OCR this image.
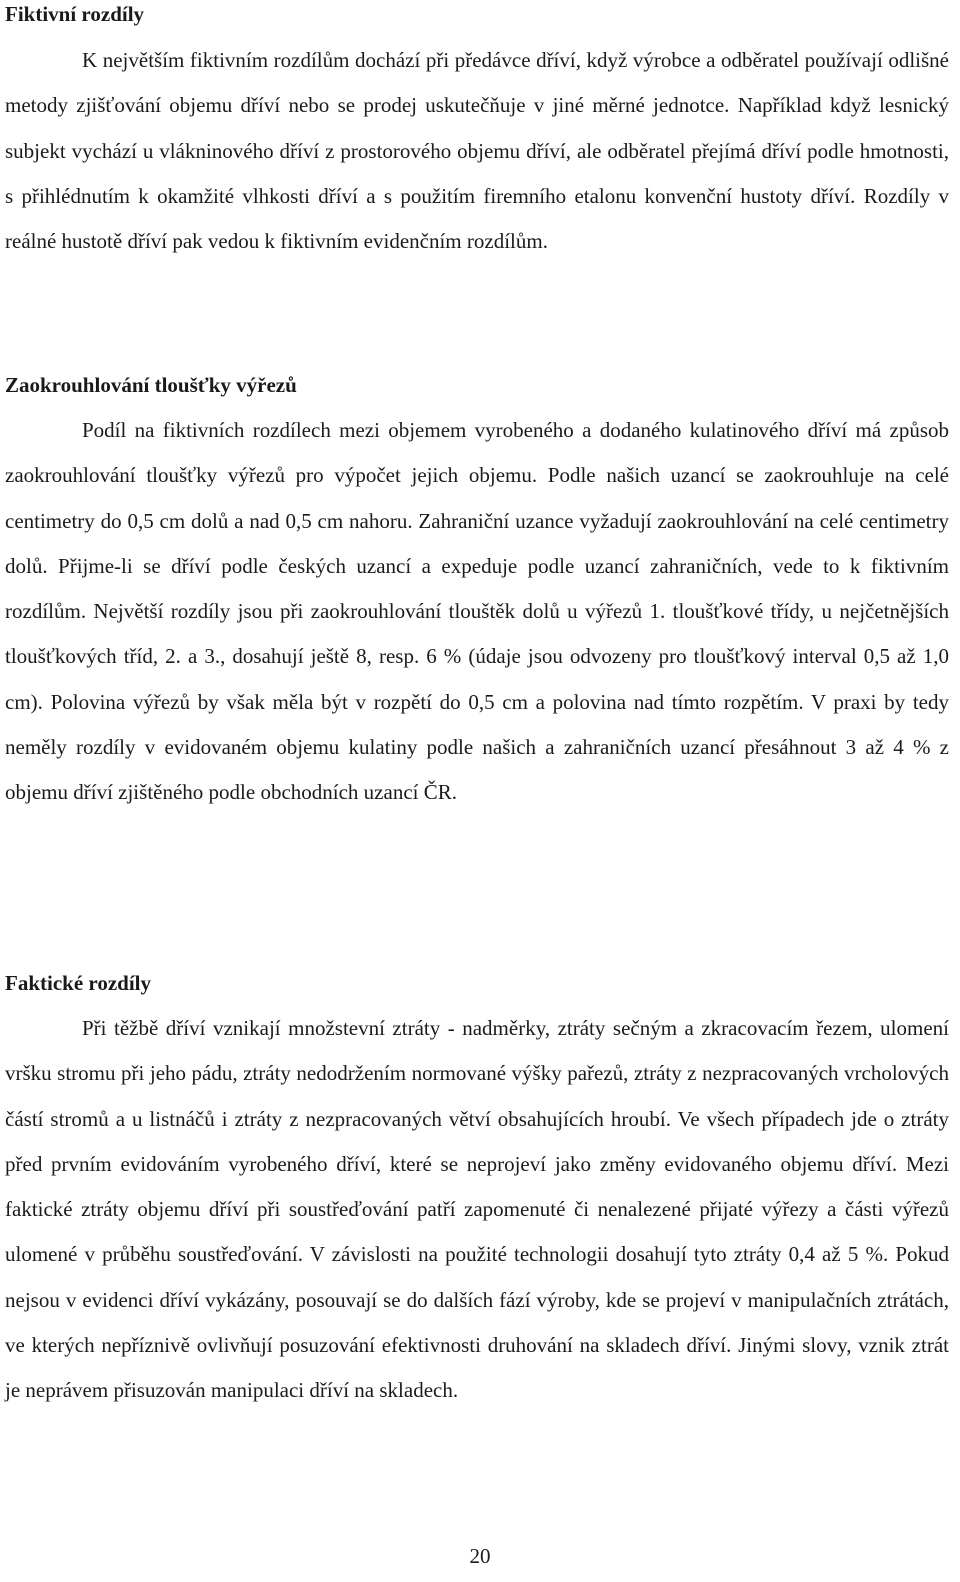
Fiktivní rozdíly

K největším fiktivním rozdílům dochází při předávce dříví, když výrobce a odběratel používají odlišné metody zjišťování objemu dříví nebo se prodej uskutečňuje v jiné měrné jednotce. Například když lesnický subjekt vychází u vlákninového dříví z prostorového objemu dříví, ale odběratel přejímá dříví podle hmotnosti, s přihlédnutím k okamžité vlhkosti dříví a s použitím firemního etalonu konvenční hustoty dříví. Rozdíly v reálné hustotě dříví pak vedou k fiktivním evidenčním rozdílům.

Zaokrouhlování tloušťky výřezů

Podíl na fiktivních rozdílech mezi objemem vyrobeného a dodaného kulatinového dříví má způsob zaokrouhlování tloušťky výřezů pro výpočet jejich objemu. Podle našich uzancí se zaokrouhluje na celé centimetry do 0,5 cm dolů a nad 0,5 cm nahoru. Zahraniční uzance vyžadují zaokrouhlování na celé centimetry dolů. Přijme-li se dříví podle českých uzancí a expeduje podle uzancí zahraničních, vede to k fiktivním rozdílům. Největší rozdíly jsou při zaokrouhlování tlouštěk dolů u výřezů 1. tloušťkové třídy, u nejčetnějších tloušťkových tříd, 2. a 3., dosahují ještě 8, resp. 6 % (údaje jsou odvozeny pro tloušťkový interval 0,5 až 1,0 cm). Polovina výřezů by však měla být v rozpětí do 0,5 cm a polovina nad tímto rozpětím. V praxi by tedy neměly rozdíly v evidovaném objemu kulatiny podle našich a zahraničních uzancí přesáhnout 3 až 4 % z objemu dříví zjištěného podle obchodních uzancí ČR.

Faktické rozdíly

Při těžbě dříví vznikají množstevní ztráty - nadměrky, ztráty sečným a zkracovacím řezem, ulomení vršku stromu při jeho pádu, ztráty nedodržením normované výšky pařezů, ztráty z nezpracovaných vrcholových částí stromů a u listnáčů i ztráty z nezpracovaných větví obsahujících hroubí. Ve všech případech jde o ztráty před prvním evidováním vyrobeného dříví, které se neprojeví jako změny evidovaného objemu dříví. Mezi faktické ztráty objemu dříví při soustřeďování patří zapomenuté či nenalezené přijaté výřezy a části výřezů ulomené v průběhu soustřeďování. V závislosti na použité technologii dosahují tyto ztráty 0,4 až 5 %. Pokud nejsou v evidenci dříví vykázány, posouvají se do dalších fází výroby, kde se projeví v manipulačních ztrátách, ve kterých nepříznivě ovlivňují posuzování efektivnosti druhování na skladech dříví. Jinými slovy, vznik ztrát je neprávem přisuzován manipulaci dříví na skladech.

20
